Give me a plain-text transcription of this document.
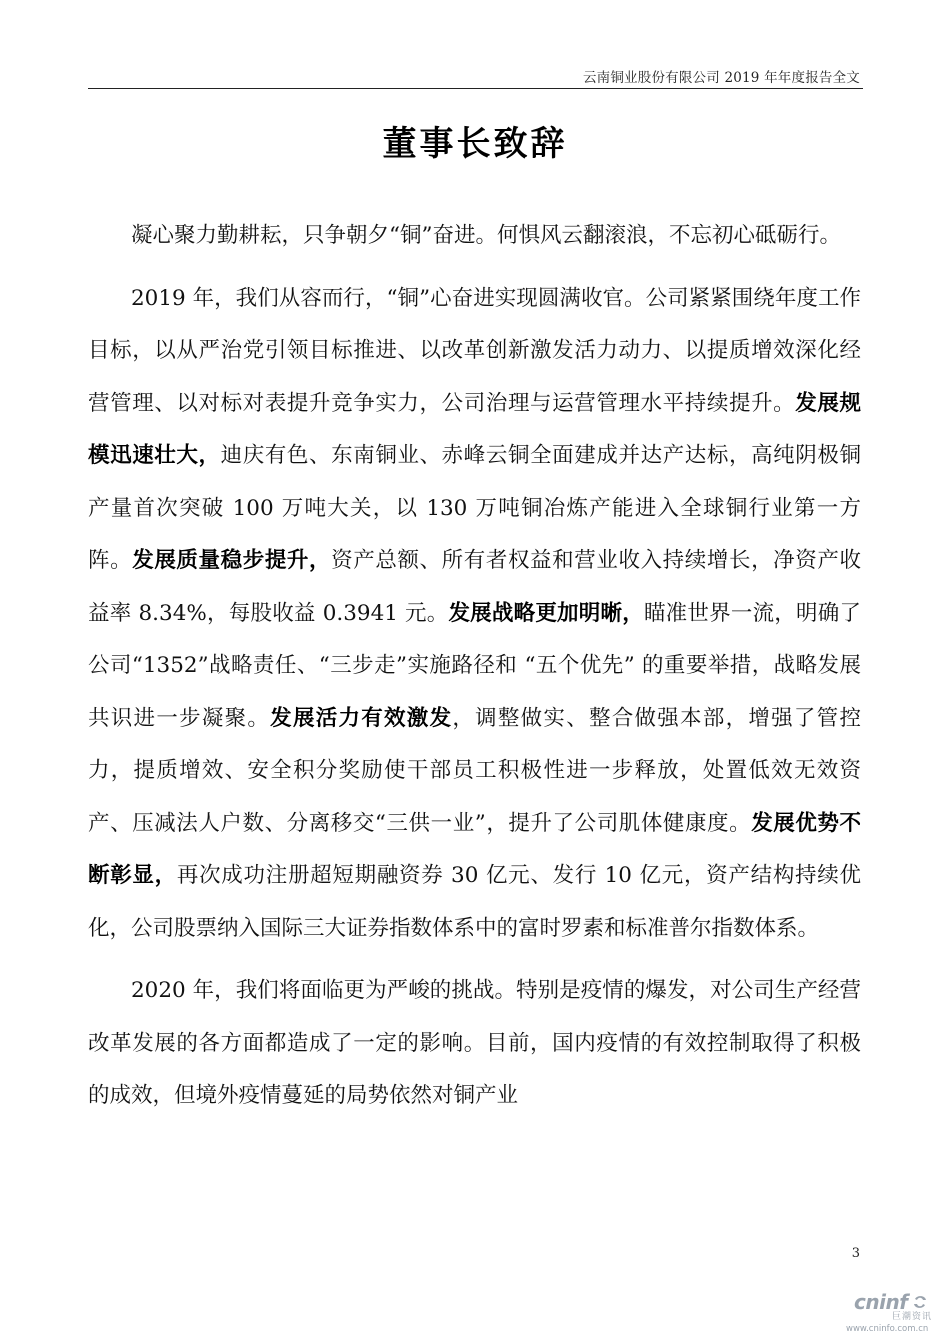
云南铜业股份有限公司 2019 年年度报告全文
董事长致辞

凝心聚力勤耕耘，只争朝夕“铜”奋进。何惧风云翻滚浪，不忘初心砥砺行。

2019 年，我们从容而行，“铜”心奋进实现圆满收官。公司紧紧围绕年度工作目标，以从严治党引领目标推进、以改革创新激发活力动力、以提质增效深化经营管理、以对标对表提升竞争实力，公司治理与运营管理水平持续提升。发展规模迅速壮大，迪庆有色、东南铜业、赤峰云铜全面建成并达产达标，高纯阴极铜产量首次突破 100 万吨大关，以 130 万吨铜冶炼产能进入全球铜行业第一方阵。发展质量稳步提升，资产总额、所有者权益和营业收入持续增长，净资产收益率 8.34%，每股收益 0.3941 元。发展战略更加明晰，瞄准世界一流，明确了公司“1352”战略责任、“三步走”实施路径和 “五个优先” 的重要举措，战略发展共识进一步凝聚。发展活力有效激发，调整做实、整合做强本部，增强了管控力，提质增效、安全积分奖励使干部员工积极性进一步释放，处置低效无效资产、压减法人户数、分离移交“三供一业”，提升了公司肌体健康度。发展优势不断彰显，再次成功注册超短期融资券 30 亿元、发行 10 亿元，资产结构持续优化，公司股票纳入国际三大证券指数体系中的富时罗素和标准普尔指数体系。

2020 年，我们将面临更为严峻的挑战。特别是疫情的爆发，对公司生产经营改革发展的各方面都造成了一定的影响。目前，国内疫情的有效控制取得了积极的成效，但境外疫情蔓延的局势依然对铜产业

3
cninf
巨潮资讯
www.cninfo.com.cn
